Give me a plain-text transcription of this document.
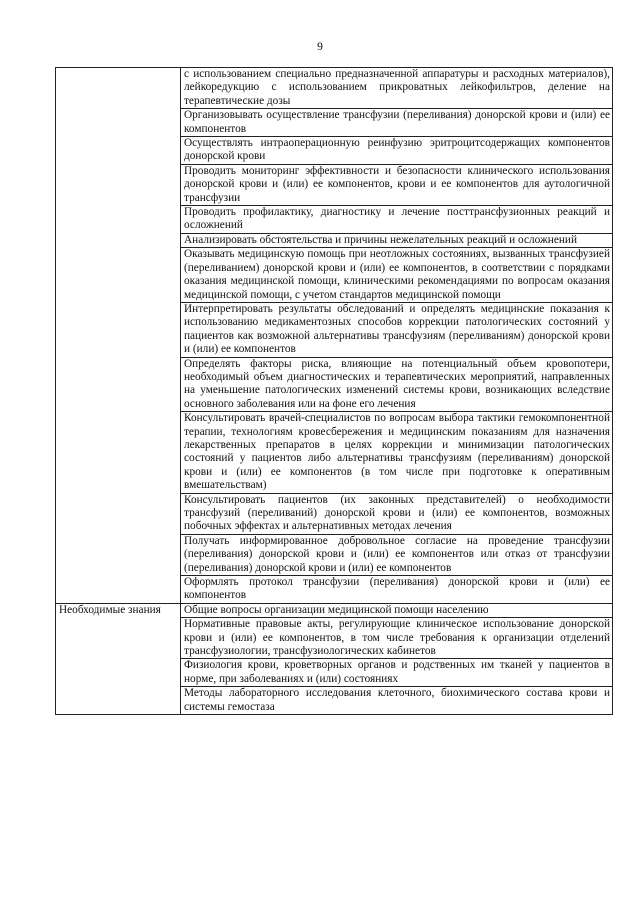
9
	с использованием специально предназначенной аппаратуры и расходных материалов), лейкоредукцию с использованием прикроватных лейкофильтров, деление на терапевтические дозы
	Организовывать осуществление трансфузии (переливания) донорской крови и (или) ее компонентов
	Осуществлять интраоперационную реинфузию эритроцитсодержащих компонентов донорской крови
	Проводить мониторинг эффективности и безопасности клинического использования донорской крови и (или) ее компонентов, крови и ее компонентов для аутологичной трансфузии
	Проводить профилактику, диагностику и лечение посттрансфузионных реакций и осложнений
	Анализировать обстоятельства и причины нежелательных реакций и осложнений
	Оказывать медицинскую помощь при неотложных состояниях, вызванных трансфузией (переливанием) донорской крови и (или) ее компонентов, в соответствии с порядками оказания медицинской помощи, клиническими рекомендациями по вопросам оказания медицинской помощи, с учетом стандартов медицинской помощи
	Интерпретировать результаты обследований и определять медицинские показания к использованию медикаментозных способов коррекции патологических состояний у пациентов как возможной альтернативы трансфузиям (переливаниям) донорской крови и (или) ее компонентов
	Определять факторы риска, влияющие на потенциальный объем кровопотери, необходимый объем диагностических и терапевтических мероприятий, направленных на уменьшение патологических изменений системы крови, возникающих вследствие основного заболевания или на фоне его лечения
	Консультировать врачей-специалистов по вопросам выбора тактики гемокомпонентной терапии, технологиям кровесбережения и медицинским показаниям для назначения лекарственных препаратов в целях коррекции и минимизации патологических состояний у пациентов либо альтернативы трансфузиям (переливаниям) донорской крови и (или) ее компонентов (в том числе при подготовке к оперативным вмешательствам)
	Консультировать пациентов (их законных представителей) о необходимости трансфузий (переливаний) донорской крови и (или) ее компонентов, возможных побочных эффектах и альтернативных методах лечения
	Получать информированное добровольное согласие на проведение трансфузии (переливания) донорской крови и (или) ее компонентов или отказ от трансфузии (переливания) донорской крови и (или) ее компонентов
	Оформлять протокол трансфузии (переливания) донорской крови и (или) ее компонентов

Необходимые знания	Общие вопросы организации медицинской помощи населению
	Нормативные правовые акты, регулирующие клиническое использование донорской крови и (или) ее компонентов, в том числе требования к организации отделений трансфузиологии, трансфузиологических кабинетов
	Физиология крови, кроветворных органов и родственных им тканей у пациентов в норме, при заболеваниях и (или) состояниях
	Методы лабораторного исследования клеточного, биохимического состава крови и системы гемостаза
